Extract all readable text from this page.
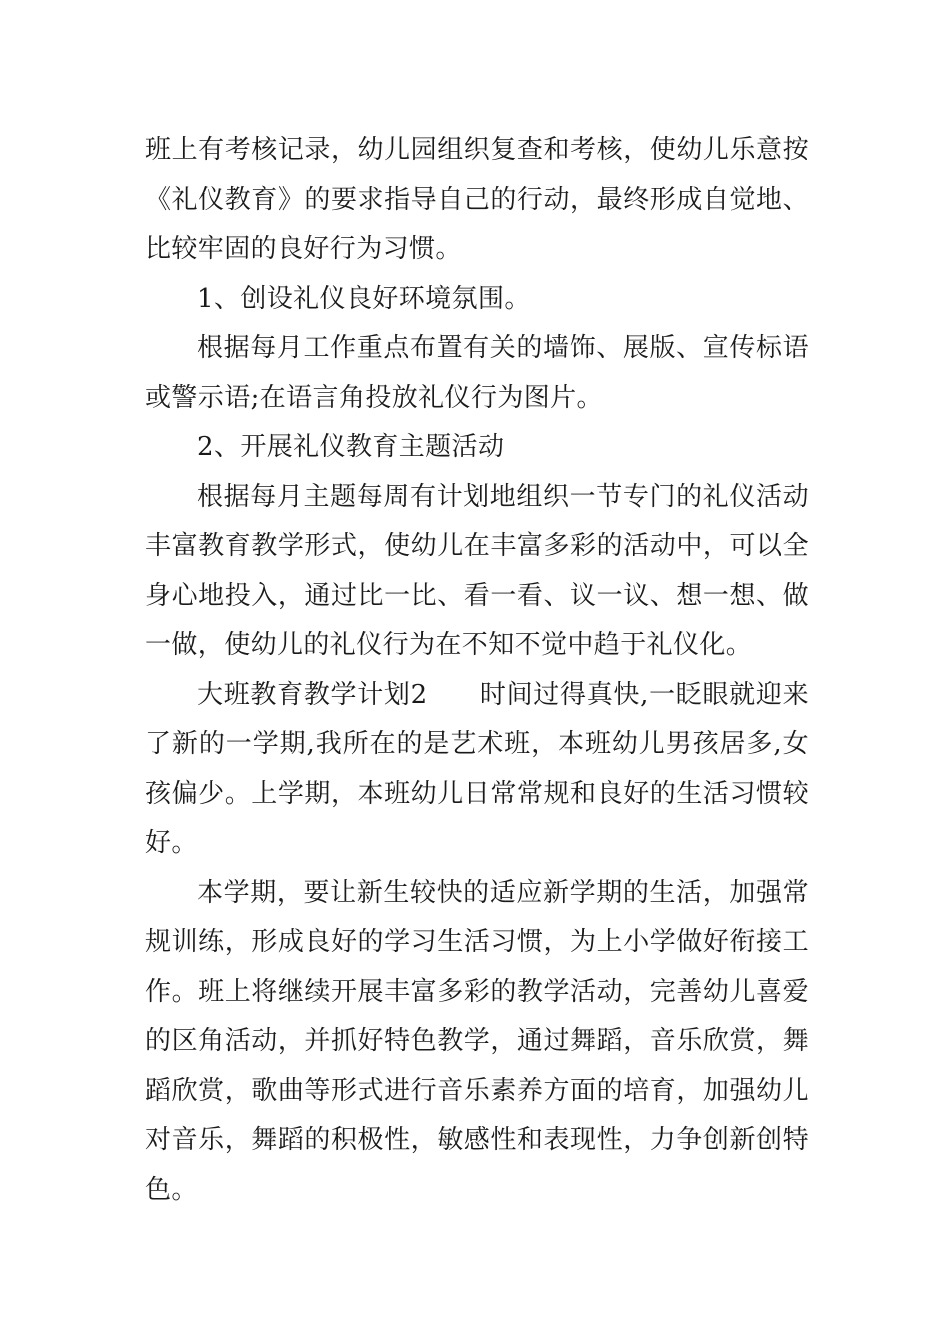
班上有考核记录，幼儿园组织复查和考核，使幼儿乐意按《礼仪教育》的要求指导自己的行动，最终形成自觉地、比较牢固的良好行为习惯。

1、创设礼仪良好环境氛围。

根据每月工作重点布置有关的墙饰、展版、宣传标语或警示语;在语言角投放礼仪行为图片。

2、开展礼仪教育主题活动

根据每月主题每周有计划地组织一节专门的礼仪活动丰富教育教学形式，使幼儿在丰富多彩的活动中，可以全身心地投入，通过比一比、看一看、议一议、想一想、做一做，使幼儿的礼仪行为在不知不觉中趋于礼仪化。

大班教育教学计划2 时间过得真快,一眨眼就迎来了新的一学期,我所在的是艺术班，本班幼儿男孩居多,女孩偏少。上学期，本班幼儿日常常规和良好的生活习惯较好。

本学期，要让新生较快的适应新学期的生活，加强常规训练，形成良好的学习生活习惯，为上小学做好衔接工作。班上将继续开展丰富多彩的教学活动，完善幼儿喜爱的区角活动，并抓好特色教学，通过舞蹈，音乐欣赏，舞蹈欣赏，歌曲等形式进行音乐素养方面的培育，加强幼儿对音乐，舞蹈的积极性，敏感性和表现性，力争创新创特色。
